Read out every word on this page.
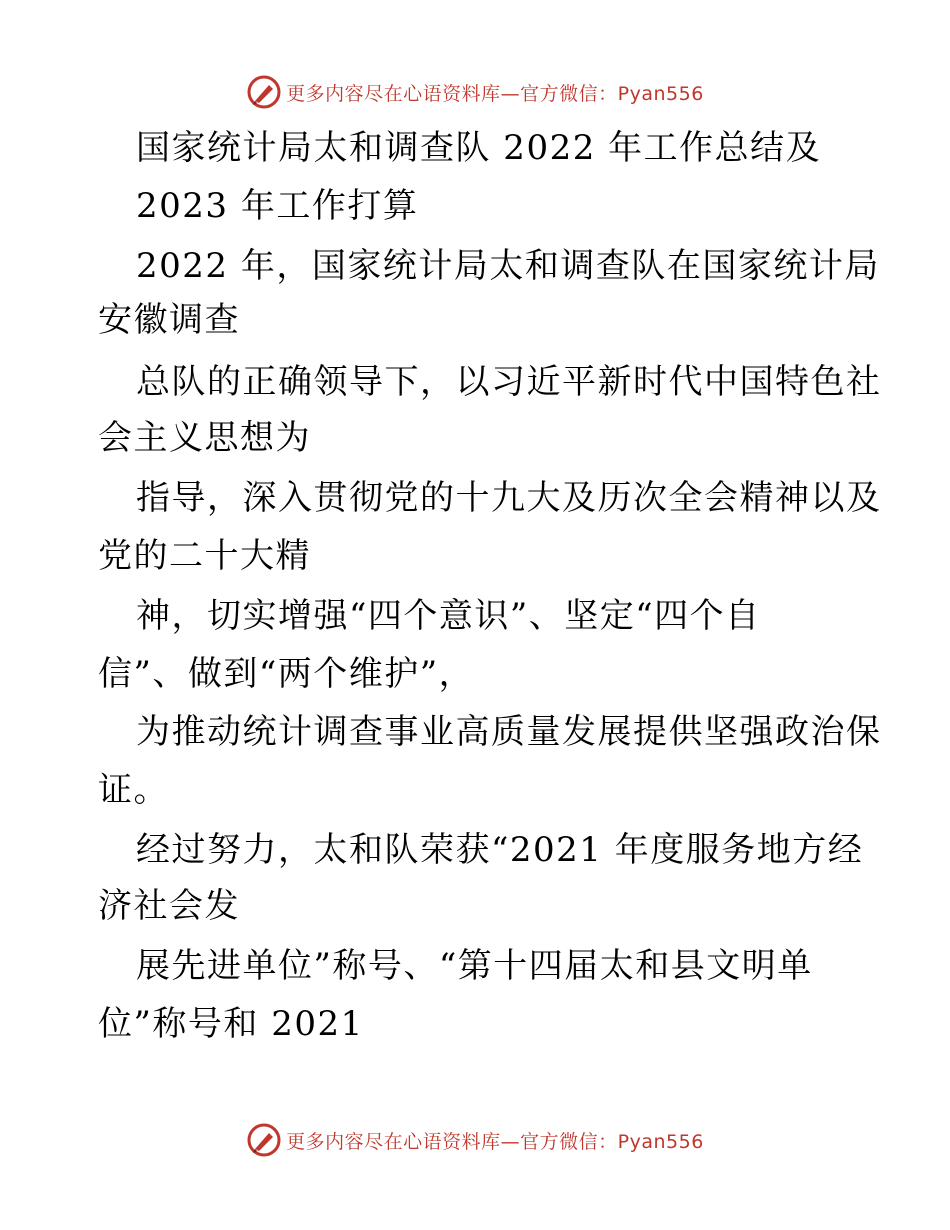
更多内容尽在心语资料库—官方微信：Pyan556
国家统计局太和调查队 2022 年工作总结及
2023 年工作打算
2022 年，国家统计局太和调查队在国家统计局
安徽调查
总队的正确领导下，以习近平新时代中国特色社
会主义思想为
指导，深入贯彻党的十九大及历次全会精神以及
党的二十大精
神，切实增强“四个意识”、坚定“四个自
信”、做到“两个维护”，
为推动统计调查事业高质量发展提供坚强政治保
证。
经过努力，太和队荣获“2021 年度服务地方经
济社会发
展先进单位”称号、“第十四届太和县文明单
位”称号和 2021
更多内容尽在心语资料库—官方微信：Pyan556
